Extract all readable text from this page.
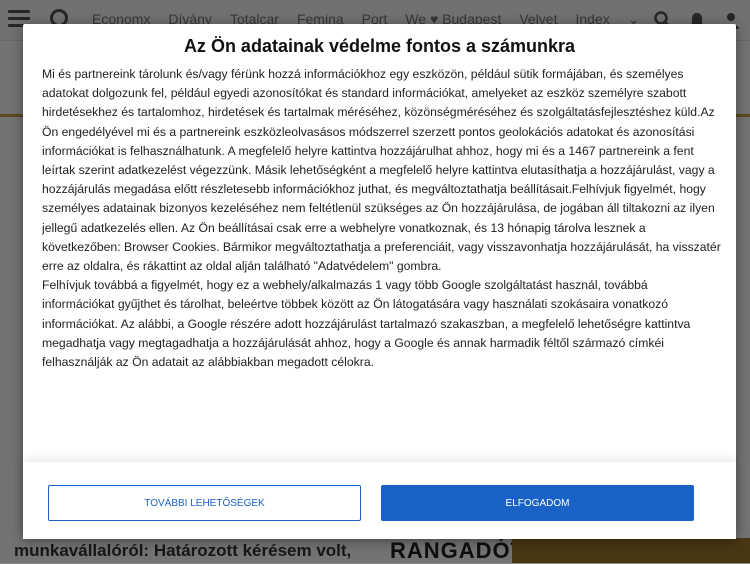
Az Ön adatainak védelme fontos a számunkra

Mi és partnereink tárolunk és/vagy férünk hozzá információkhoz egy eszközön, például sütik formájában, és személyes adatokat dolgozunk fel, például egyedi azonosítókat és standard információkat, amelyeket az eszköz személyre szabott hirdetésekhez és tartalomhoz, hirdetések és tartalmak méréséhez, közönségméréséhez és szolgáltatásfejlesztéshez küld.Az Ön engedélyével mi és a partnereink eszközleolvasásos módszerrel szerzett pontos geolokációs adatokat és azonosítási információkat is felhasználhatunk. A megfelelő helyre kattintva hozzájárulhat ahhoz, hogy mi és a 1467 partnereink a fent leírtak szerint adatkezelést végezzünk. Másik lehetőségként a megfelelő helyre kattintva elutasíthatja a hozzájárulást, vagy a hozzájárulás megadása előtt részletesebb információkhoz juthat, és megváltoztathatja beállításait.Felhívjuk figyelmét, hogy személyes adatainak bizonyos kezeléséhez nem feltétlenül szükséges az Ön hozzájárulása, de jogában áll tiltakozni az ilyen jellegű adatkezelés ellen. Az Ön beállításai csak erre a webhelyre vonatkoznak, és 13 hónapig tárolva lesznek a következőben: Browser Cookies. Bármikor megváltoztathatja a preferenciáit, vagy visszavonhatja hozzájárulását, ha visszatér erre az oldalra, és rákattint az oldal alján található "Adatvédelem" gombra.

Felhívjuk továbbá a figyelmét, hogy ez a webhely/alkalmazás 1 vagy több Google szolgáltatást használ, továbbá információkat gyűjthet és tárolhat, beleértve többek között az Ön látogatására vagy használati szokásaira vonatkozó információkat. Az alábbi, a Google részére adott hozzájárulást tartalmazó szakaszban, a megfelelő lehetőségre kattintva megadhatja vagy megtagadhatja a hozzájárulását ahhoz, hogy a Google és annak harmadik féltől származó címkéi felhasználják az Ön adatait az alábbiakban megadott célokra.

TOVÁBBI LEHETŐSÉGEK	ELFOGADOM
